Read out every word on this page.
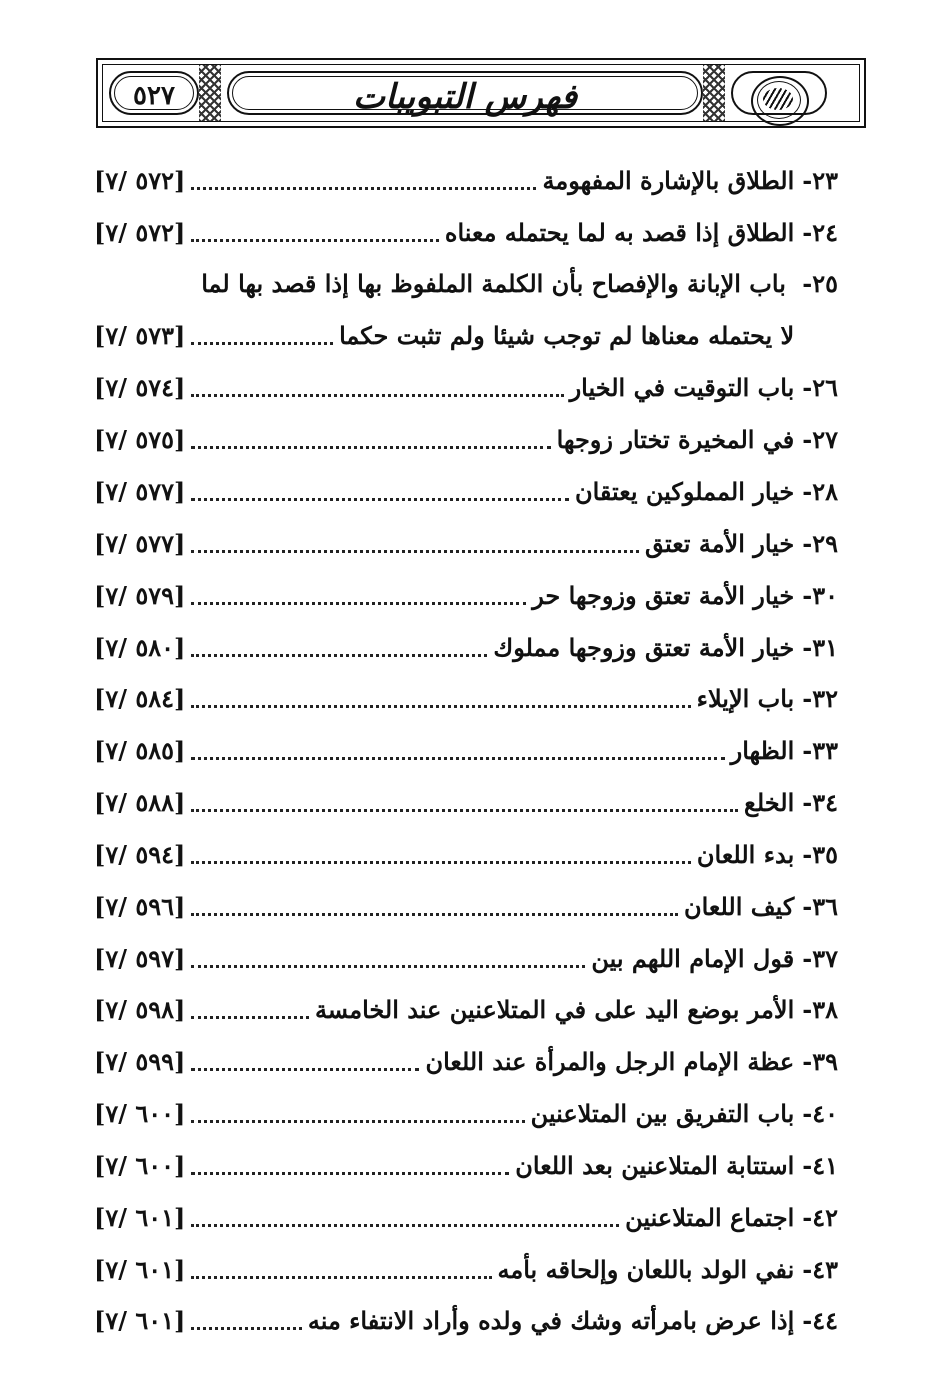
٥٢٧	فهرس التبويبات
٢٣-
الطلاق بالإشارة المفهومة
[٥٧٢ /٧]
٢٤-
الطلاق إذا قصد به لما يحتمله معناه
[٥٧٢ /٧]
٢٥- باب الإبانة والإفصاح بأن الكلمة الملفوظ بها إذا قصد بها لما
لا يحتمله معناها لم توجب شيئا ولم تثبت حكما
[٥٧٣ /٧]
٢٦-
باب التوقيت في الخيار
[٥٧٤ /٧]
٢٧-
في المخيرة تختار زوجها
[٥٧٥ /٧]
٢٨-
خيار المملوكين يعتقان
[٥٧٧ /٧]
٢٩-
خيار الأمة تعتق
[٥٧٧ /٧]
٣٠-
خيار الأمة تعتق وزوجها حر
[٥٧٩ /٧]
٣١-
خيار الأمة تعتق وزوجها مملوك
[٥٨٠ /٧]
٣٢-
باب الإيلاء
[٥٨٤ /٧]
٣٣-
الظهار
[٥٨٥ /٧]
٣٤-
الخلع
[٥٨٨ /٧]
٣٥-
بدء اللعان
[٥٩٤ /٧]
٣٦-
كيف اللعان
[٥٩٦ /٧]
٣٧-
قول الإمام اللهم بين
[٥٩٧ /٧]
٣٨-
الأمر بوضع اليد على في المتلاعنين عند الخامسة
[٥٩٨ /٧]
٣٩-
عظة الإمام الرجل والمرأة عند اللعان
[٥٩٩ /٧]
٤٠-
باب التفريق بين المتلاعنين
[٦٠٠ /٧]
٤١-
استتابة المتلاعنين بعد اللعان
[٦٠٠ /٧]
٤٢-
اجتماع المتلاعنين
[٦٠١ /٧]
٤٣-
نفي الولد باللعان وإلحاقه بأمه
[٦٠١ /٧]
٤٤-
إذا عرض بامرأته وشك في ولده وأراد الانتفاء منه
[٦٠١ /٧]
